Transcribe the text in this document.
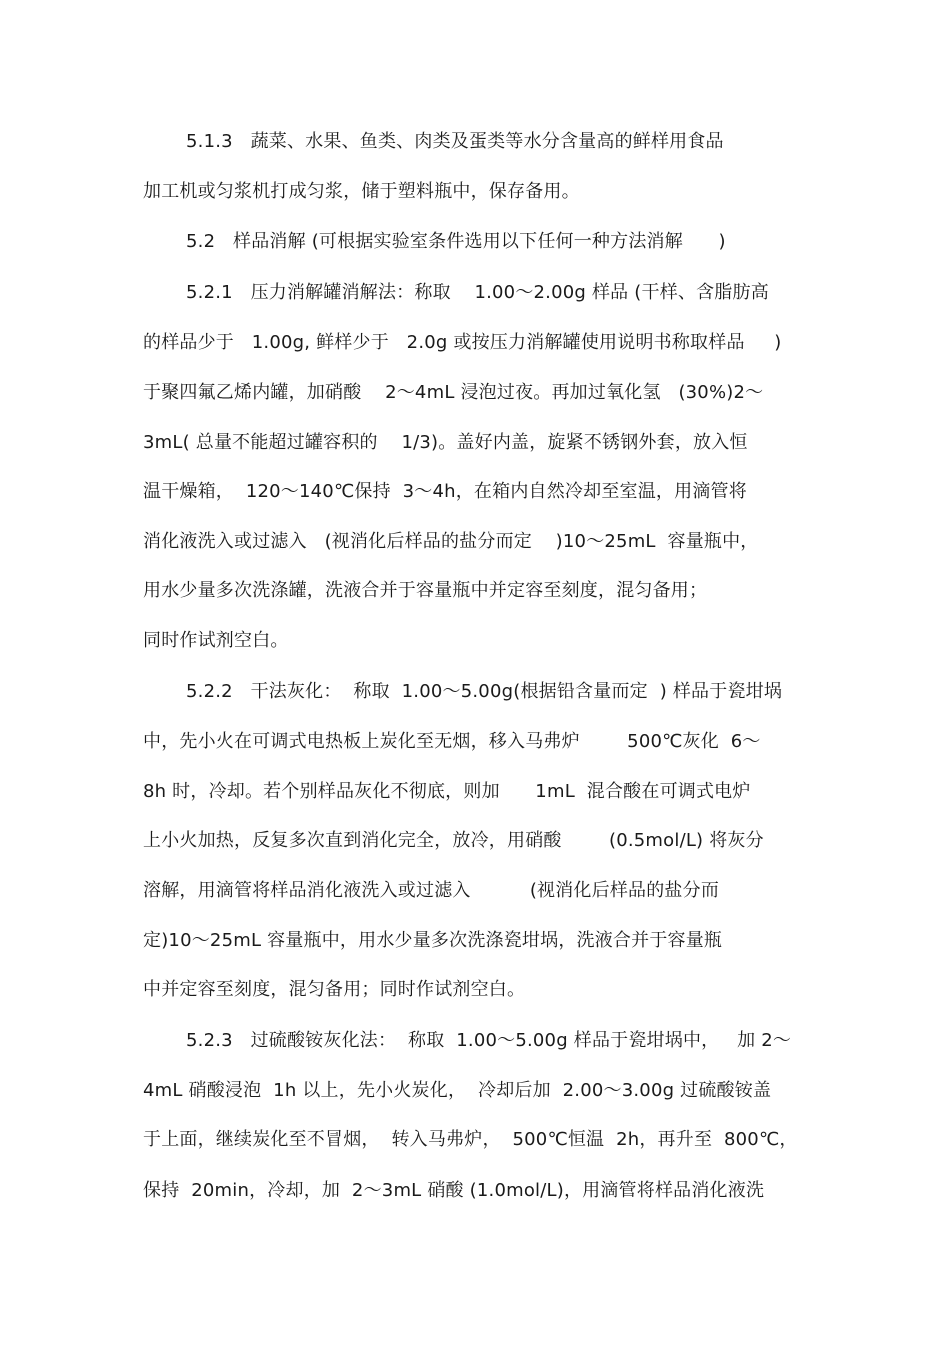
5.1.3   蔬菜、水果、鱼类、肉类及蛋类等水分含量高的鲜样用食品
加工机或匀浆机打成匀浆，储于塑料瓶中，保存备用。
5.2   样品消解 (可根据实验室条件选用以下任何一种方法消解      )
5.2.1   压力消解罐消解法：称取    1.00～2.00g 样品 (干样、含脂肪高
的样品少于   1.00g, 鲜样少于   2.0g 或按压力消解罐使用说明书称取样品     )
于聚四氟乙烯内罐，加硝酸    2～4mL 浸泡过夜。再加过氧化氢   (30%)2～
3mL( 总量不能超过罐容积的    1/3)。盖好内盖，旋紧不锈钢外套，放入恒
温干燥箱，  120～140℃保持  3～4h，在箱内自然冷却至室温，用滴管将
消化液洗入或过滤入   (视消化后样品的盐分而定    )10～25mL  容量瓶中，
用水少量多次洗涤罐，洗液合并于容量瓶中并定容至刻度，混匀备用；
同时作试剂空白。
5.2.2   干法灰化：  称取  1.00～5.00g(根据铅含量而定  ) 样品于瓷坩埚
中，先小火在可调式电热板上炭化至无烟，移入马弗炉        500℃灰化  6～
8h 时，冷却。若个别样品灰化不彻底，则加      1mL  混合酸在可调式电炉
上小火加热，反复多次直到消化完全，放冷，用硝酸        (0.5mol/L) 将灰分
溶解，用滴管将样品消化液洗入或过滤入          (视消化后样品的盐分而
定)10～25mL 容量瓶中，用水少量多次洗涤瓷坩埚，洗液合并于容量瓶
中并定容至刻度，混匀备用；同时作试剂空白。
5.2.3   过硫酸铵灰化法：  称取  1.00～5.00g 样品于瓷坩埚中，   加 2～
4mL 硝酸浸泡  1h 以上，先小火炭化，  冷却后加  2.00～3.00g 过硫酸铵盖
于上面，继续炭化至不冒烟，  转入马弗炉，  500℃恒温  2h，再升至  800℃，
保持  20min，冷却，加  2～3mL 硝酸 (1.0mol/L)，用滴管将样品消化液洗
